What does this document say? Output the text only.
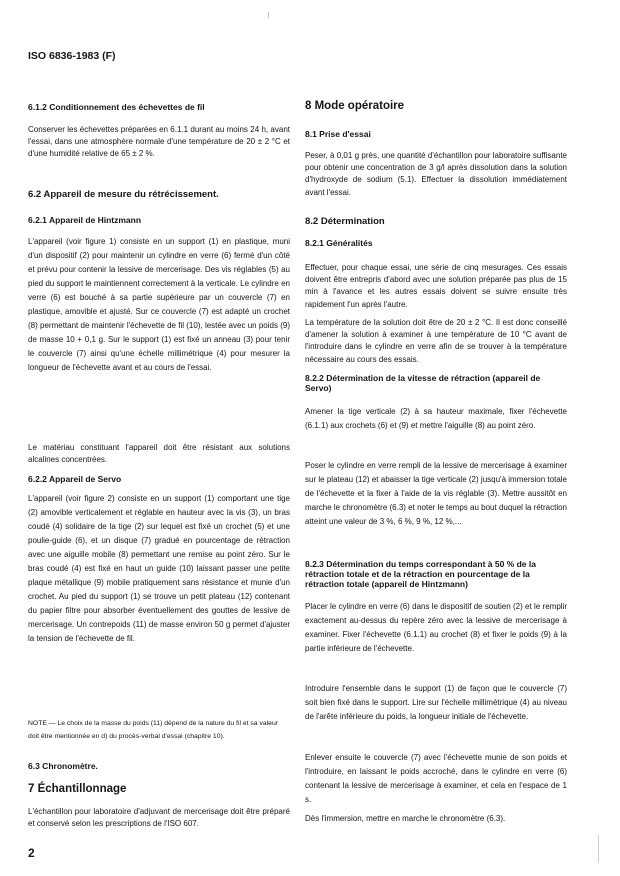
ISO 6836-1983 (F)
6.1.2 Conditionnement des échevettes de fil
Conserver les échevettes préparées en 6.1.1 durant au moins 24 h, avant l'essai, dans une atmosphère normale d'une température de 20 ± 2 °C et d'une humidité relative de 65 ± 2 %.
6.2 Appareil de mesure du rétrécissement.
6.2.1 Appareil de Hintzmann
L'appareil (voir figure 1) consiste en un support (1) en plastique, muni d'un dispositif (2) pour maintenir un cylindre en verre (6) fermé d'un côté et prévu pour contenir la lessive de mercerisage. Des vis réglables (5) au pied du support le maintiennent correctement à la verticale. Le cylindre en verre (6) est bouché à sa partie supérieure par un couvercle (7) en plastique, amovible et ajusté. Sur ce couvercle (7) est adapté un crochet (8) permettant de maintenir l'échevette de fil (10), lestée avec un poids (9) de masse 10 + 0,1 g. Sur le support (1) est fixé un anneau (3) pour tenir le couvercle (7) ainsi qu'une échelle millimétrique (4) pour mesurer la longueur de l'échevette avant et au cours de l'essai.
Le matériau constituant l'appareil doit être résistant aux solutions alcalines concentrées.
6.2.2 Appareil de Servo
L'appareil (voir figure 2) consiste en un support (1) comportant une tige (2) amovible verticalement et réglable en hauteur avec la vis (3), un bras coudé (4) solidaire de la tige (2) sur lequel est fixé un crochet (5) et une poulie-guide (6), et un disque (7) gradué en pourcentage de rétraction avec une aiguille mobile (8) permettant une remise au point zéro. Sur le bras coudé (4) est fixé en haut un guide (10) laissant passer une petite plaque métallique (9) mobile pratiquement sans résistance et munie d'un crochet. Au pied du support (1) se trouve un petit plateau (12) contenant du papier filtre pour absorber éventuellement des gouttes de lessive de mercerisage. Un contrepoids (11) de masse environ 50 g permet d'ajuster la tension de l'échevette de fil.
NOTE — Le choix de la masse du poids (11) dépend de la nature du fil et sa valeur doit être mentionnée en d) du procès-verbal d'essai (chapitre 10).
6.3 Chronomètre.
7 Échantillonnage
L'échantillon pour laboratoire d'adjuvant de mercerisage doit être préparé et conservé selon les prescriptions de l'ISO 607.
8 Mode opératoire
8.1 Prise d'essai
Peser, à 0,01 g près, une quantité d'échantillon pour laboratoire suffisante pour obtenir une concentration de 3 g/l après dissolution dans la solution d'hydroxyde de sodium (5.1). Effectuer la dissolution immédiatement avant l'essai.
8.2 Détermination
8.2.1 Généralités
Effectuer, pour chaque essai, une série de cinq mesurages. Ces essais doivent être entrepris d'abord avec une solution préparée pas plus de 15 min à l'avance et les autres essais doivent se suivre ensuite très rapidement l'un après l'autre.
La température de la solution doit être de 20 ± 2 °C. Il est donc conseillé d'amener la solution à examiner à une température de 10 °C avant de l'introduire dans le cylindre en verre afin de se trouver à la température nécessaire au cours des essais.
8.2.2 Détermination de la vitesse de rétraction (appareil de Servo)
Amener la tige verticale (2) à sa hauteur maximale, fixer l'échevette (6.1.1) aux crochets (6) et (9) et mettre l'aiguille (8) au point zéro.
Poser le cylindre en verre rempli de la lessive de mercerisage à examiner sur le plateau (12) et abaisser la tige verticale (2) jusqu'à immersion totale de l'échevette et la fixer à l'aide de la vis réglable (3). Mettre aussitôt en marche le chronomètre (6.3) et noter le temps au bout duquel la rétraction atteint une valeur de 3 %, 6 %, 9 %, 12 %,...
8.2.3 Détermination du temps correspondant à 50 % de la rétraction totale et de la rétraction en pourcentage de la rétraction totale (appareil de Hintzmann)
Placer le cylindre en verre (6) dans le dispositif de soutien (2) et le remplir exactement au-dessus du repère zéro avec la lessive de mercerisage à examiner. Fixer l'échevette (6.1.1) au crochet (8) et fixer le poids (9) à la partie inférieure de l'échevette.
Introduire l'ensemble dans le support (1) de façon que le couvercle (7) soit bien fixé dans le support. Lire sur l'échelle millimétrique (4) au niveau de l'arête inférieure du poids, la longueur initiale de l'échevette.
Enlever ensuite le couvercle (7) avec l'échevette munie de son poids et l'introduire, en laissant le poids accroché, dans le cylindre en verre (6) contenant la lessive de mercerisage à examiner, et cela en l'espace de 1 s.
Dès l'immersion, mettre en marche le chronomètre (6.3).
2
